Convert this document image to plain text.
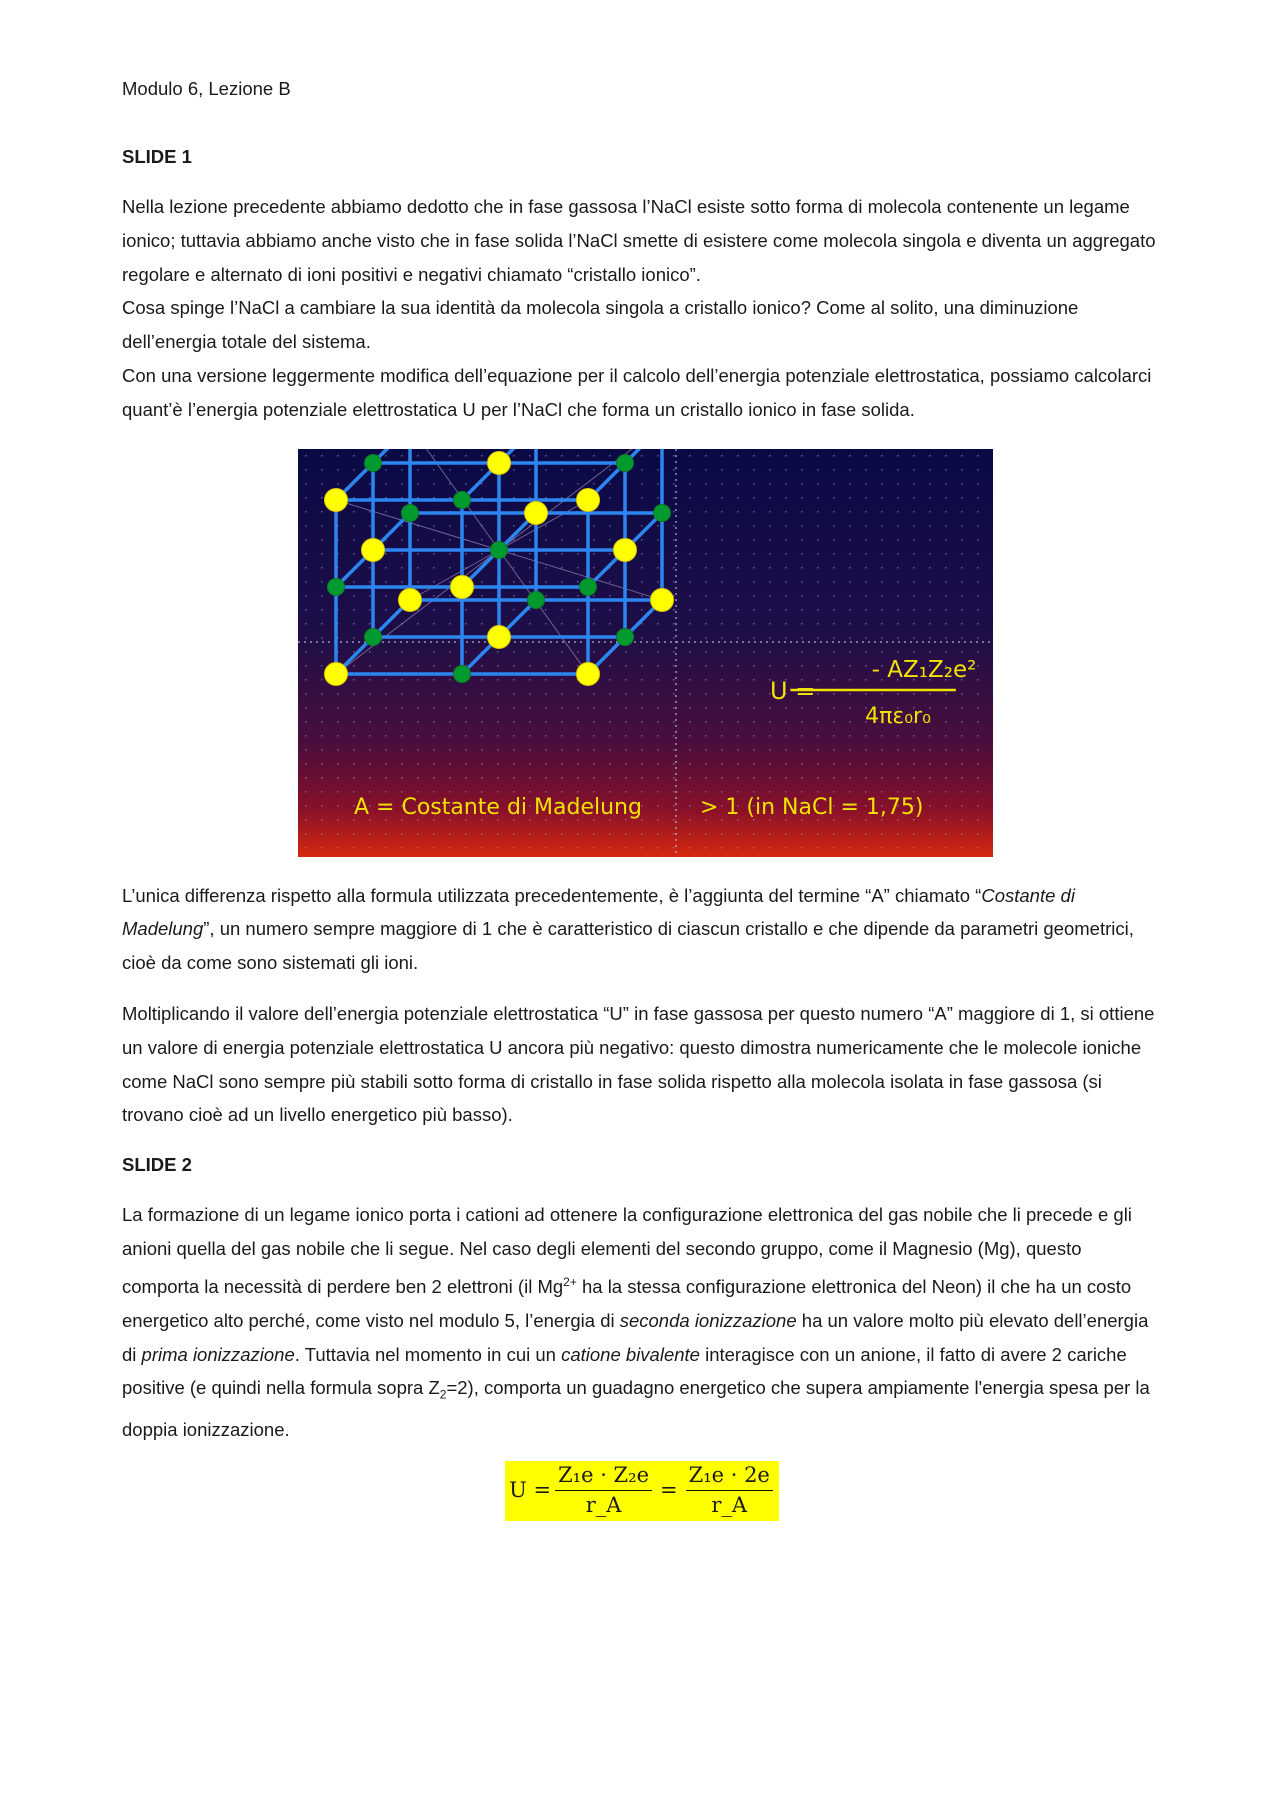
Modulo 6, Lezione B

SLIDE 1

Nella lezione precedente abbiamo dedotto che in fase gassosa l’NaCl esiste sotto forma di molecola contenente un legame ionico; tuttavia abbiamo anche visto che in fase solida l’NaCl smette di esistere come molecola singola e diventa un aggregato regolare e alternato di ioni positivi e negativi chiamato “cristallo ionico”.

Cosa spinge l’NaCl a cambiare la sua identità da molecola singola a cristallo ionico? Come al solito, una diminuzione dell’energia totale del sistema.

Con una versione leggermente modifica dell’equazione per il calcolo dell’energia potenziale elettrostatica, possiamo calcolarci quant’è l’energia potenziale elettrostatica U per l’NaCl che forma un cristallo ionico in fase solida.

U =
- AZ₁Z₂e²
4πε₀r₀
A = Costante di Madelung	> 1 (in NaCl = 1,75)

L’unica differenza rispetto alla formula utilizzata precedentemente, è l’aggiunta del termine “A” chiamato “Costante di Madelung”, un numero sempre maggiore di 1 che è caratteristico di ciascun cristallo e che dipende da parametri geometrici, cioè da come sono sistemati gli ioni.

Moltiplicando il valore dell’energia potenziale elettrostatica “U” in fase gassosa per questo numero “A” maggiore di 1, si ottiene un valore di energia potenziale elettrostatica U ancora più negativo: questo dimostra numericamente che le molecole ioniche come NaCl sono sempre più stabili sotto forma di cristallo in fase solida rispetto alla molecola isolata in fase gassosa (si trovano cioè ad un livello energetico più basso).

SLIDE 2

La formazione di un legame ionico porta i cationi ad ottenere la configurazione elettronica del gas nobile che li precede e gli anioni quella del gas nobile che li segue. Nel caso degli elementi del secondo gruppo, come il Magnesio (Mg), questo comporta la necessità di perdere ben 2 elettroni (il $Mg^{2+}$ ha la stessa configurazione elettronica del Neon) il che ha un costo energetico alto perché, come visto nel modulo 5, l’energia di seconda ionizzazione ha un valore molto più elevato dell’energia di prima ionizzazione. Tuttavia nel momento in cui un catione bivalente interagisce con un anione, il fatto di avere 2 cariche positive (e quindi nella formula sopra $Z_2=2$), comporta un guadagno energetico che supera ampiamente l'energia spesa per la doppia ionizzazione.

$U = \frac{\text{Z₁e · Z₂e}}{r\_A} = \frac{\text{Z₁e · 2e}}{r\_A}$
